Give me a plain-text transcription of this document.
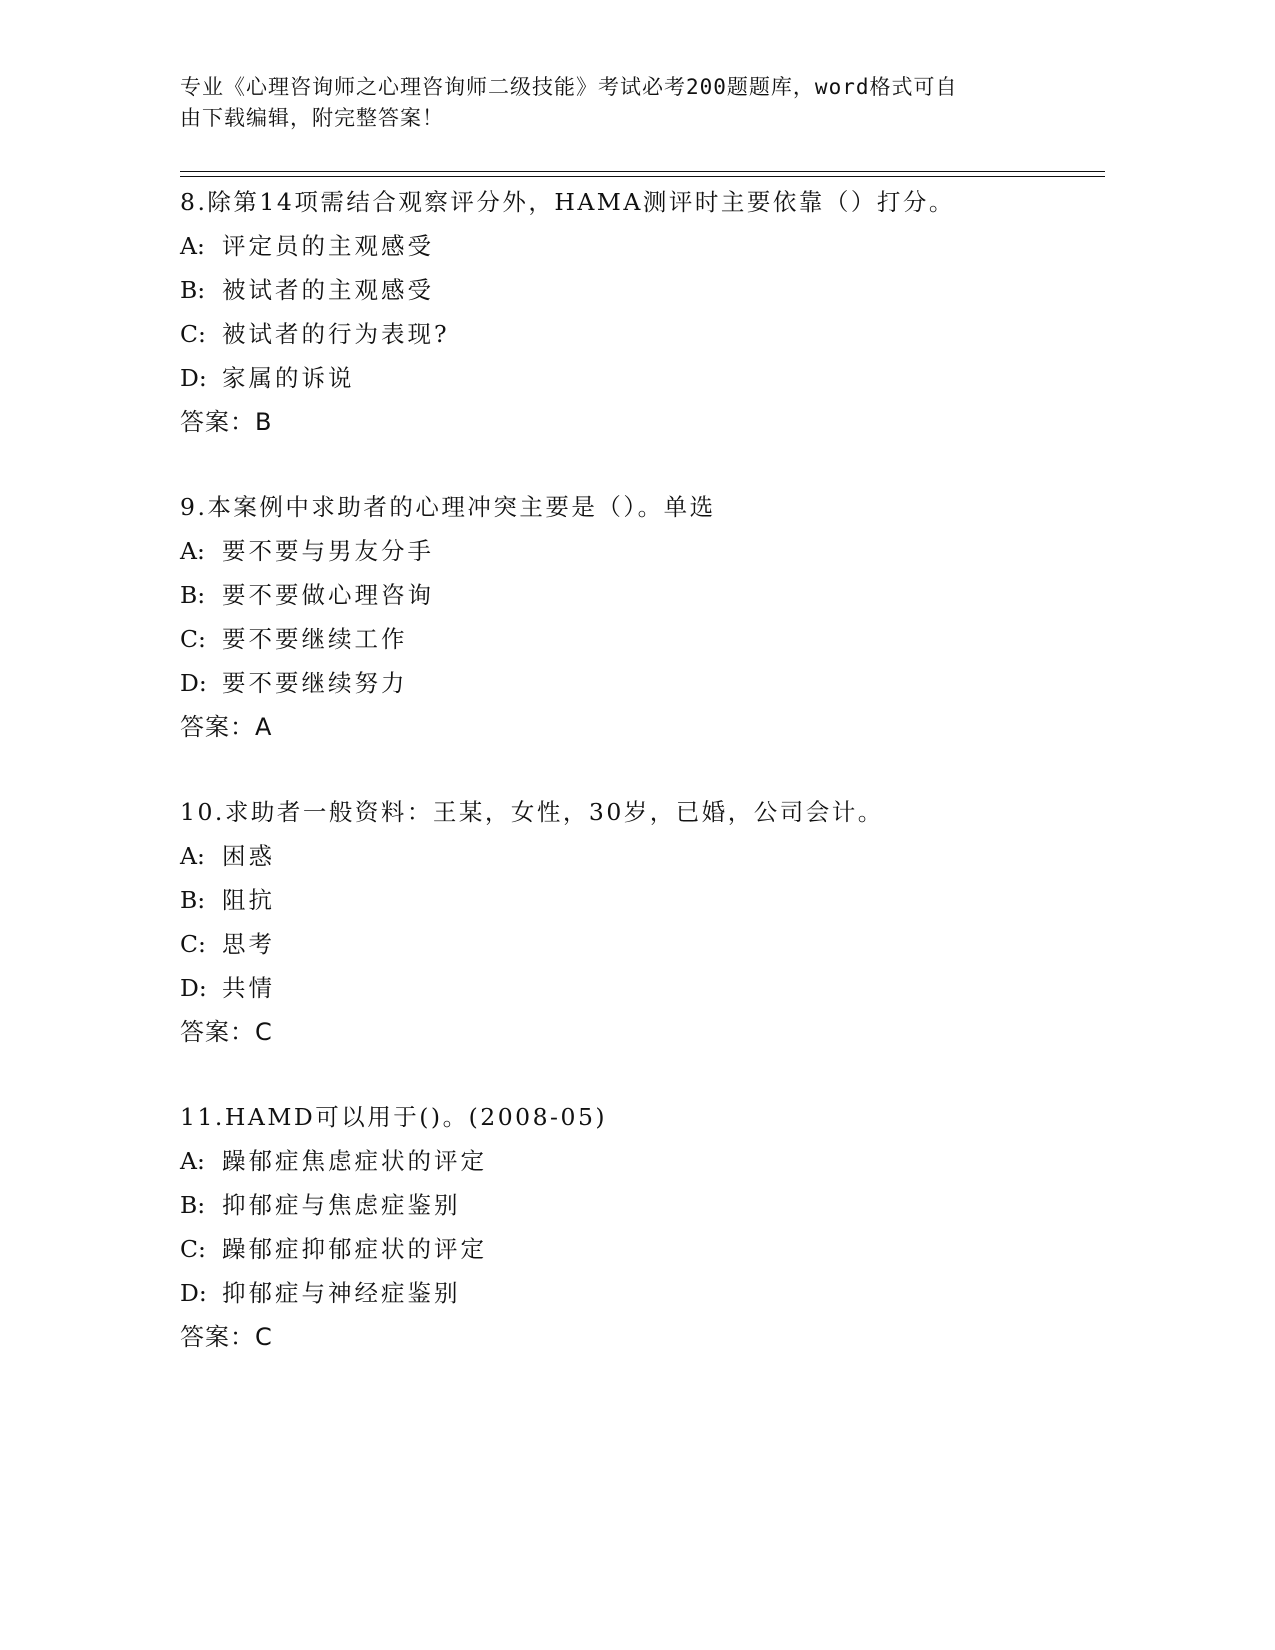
专业《心理咨询师之心理咨询师二级技能》考试必考200题题库，word格式可自
由下载编辑，附完整答案！
8.除第14项需结合观察评分外，HAMA测评时主要依靠（）打分。
A: 评定员的主观感受
B: 被试者的主观感受
C: 被试者的行为表现?
D: 家属的诉说
答案：B
9.本案例中求助者的心理冲突主要是（）。单选
A: 要不要与男友分手
B: 要不要做心理咨询
C: 要不要继续工作
D: 要不要继续努力
答案：A
10.求助者一般资料：王某，女性，30岁，已婚，公司会计。
A: 困惑
B: 阻抗
C: 思考
D: 共情
答案：C
11.HAMD可以用于()。(2008-05)
A: 躁郁症焦虑症状的评定
B: 抑郁症与焦虑症鉴别
C: 躁郁症抑郁症状的评定
D: 抑郁症与神经症鉴别
答案：C
